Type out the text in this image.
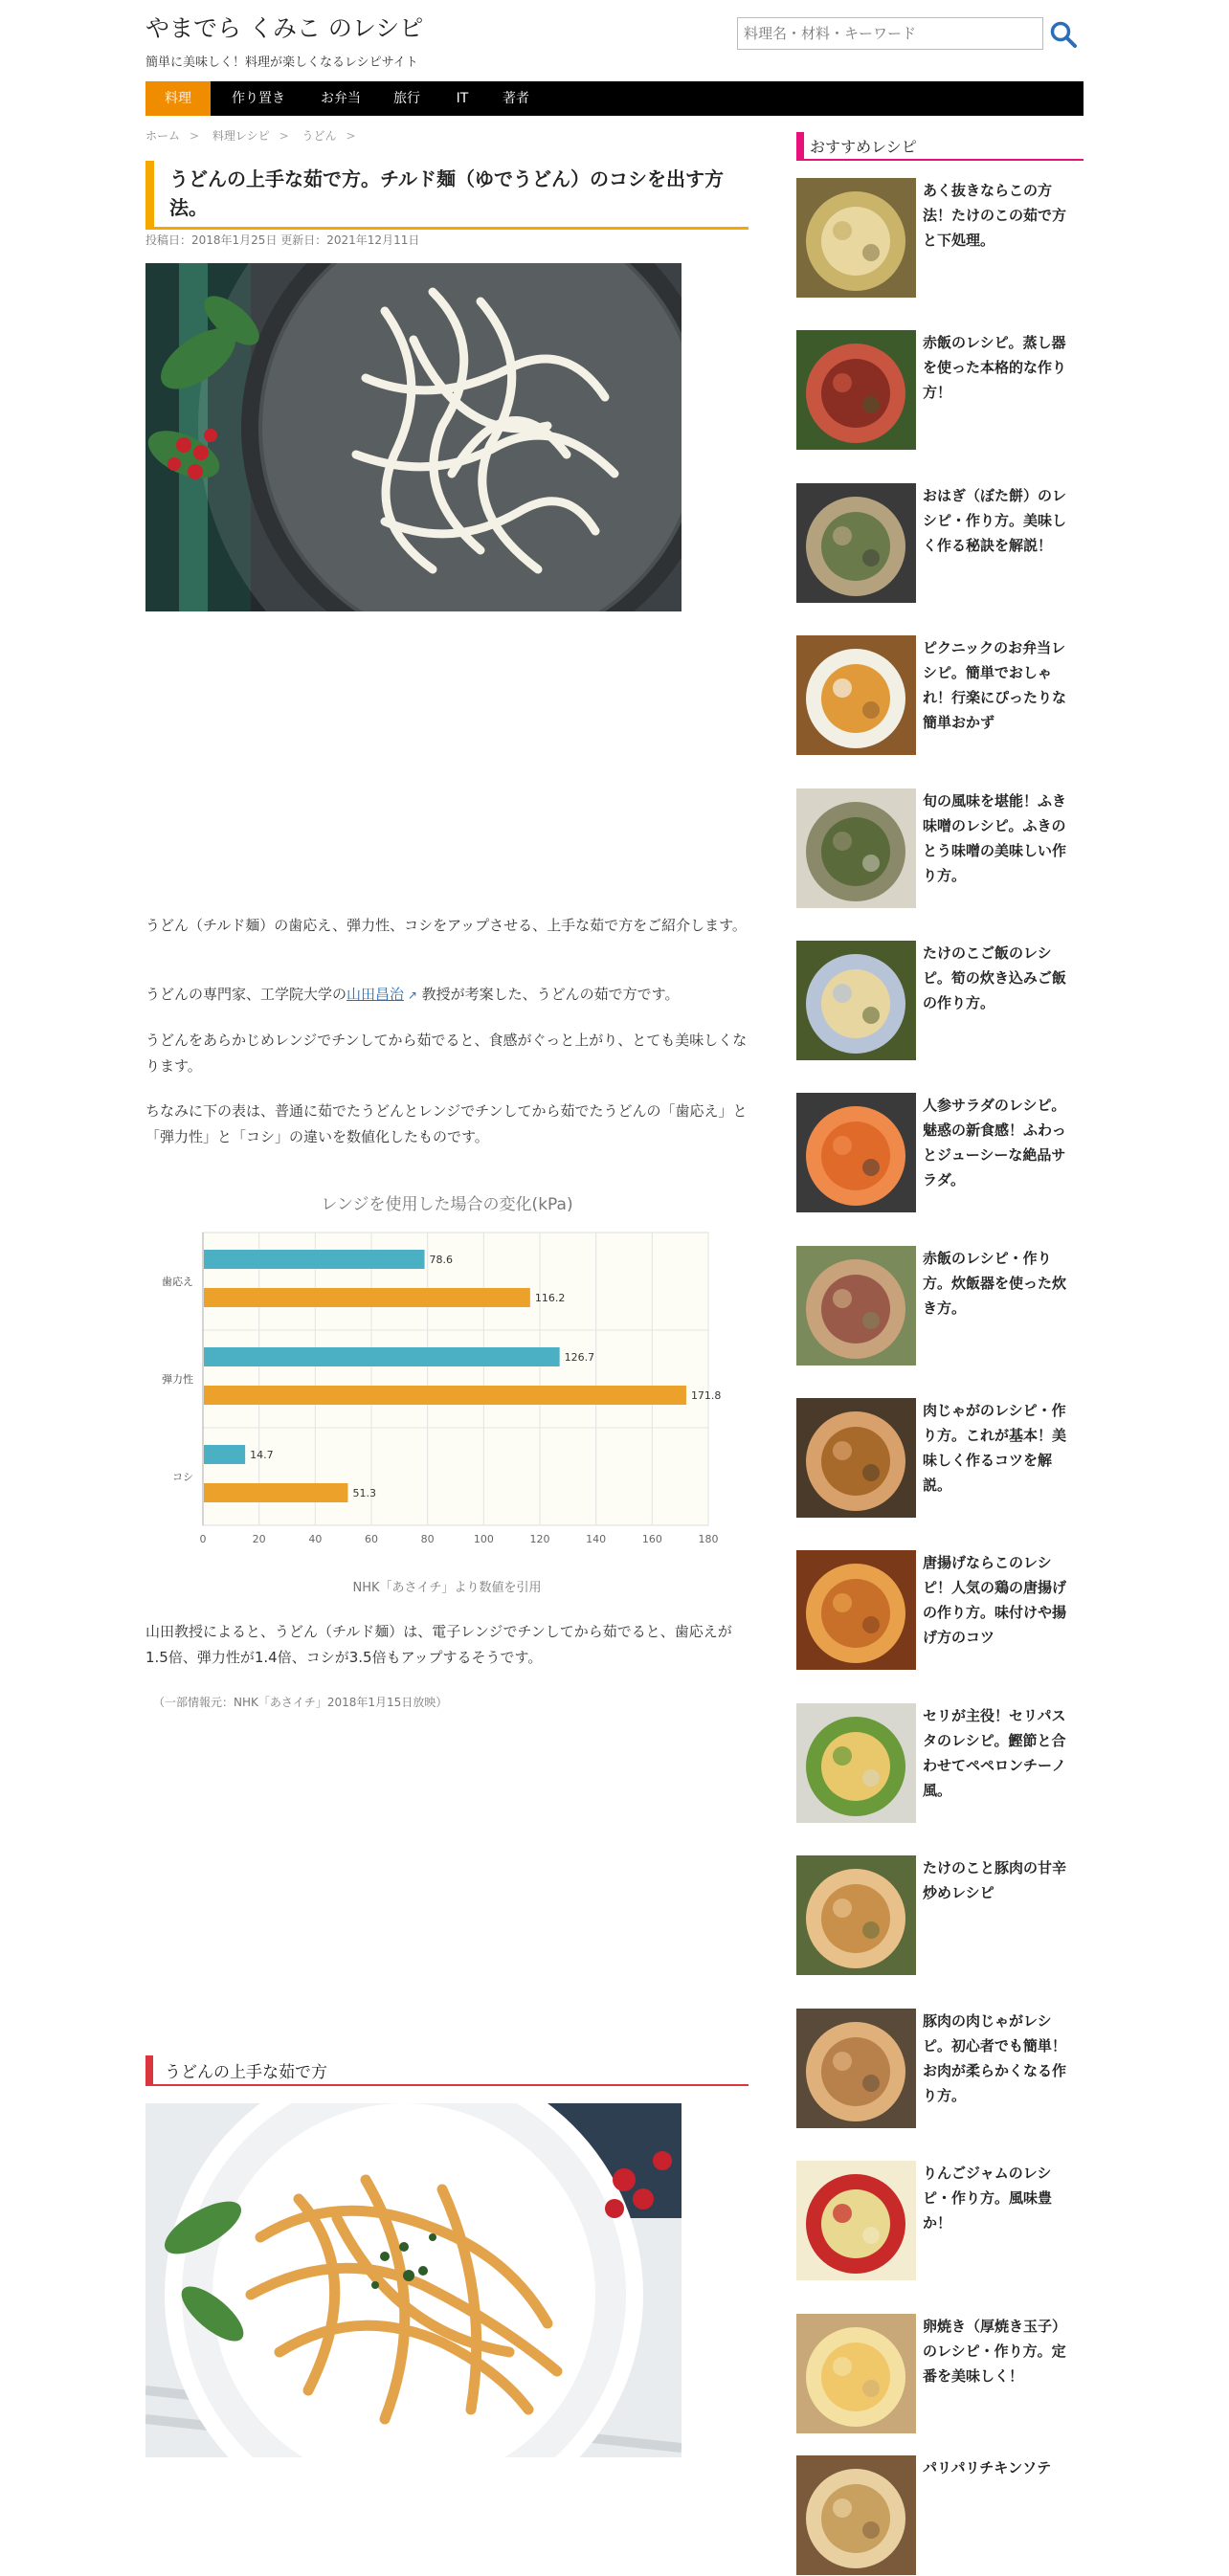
やまでら くみこ のレシピ
簡単に美味しく！料理が楽しくなるレシピサイト
料理名・材料・キーワード
料理	作り置き	お弁当	旅行	IT	著者
ホーム > 料理レシピ > うどん >
うどんの上手な茹で方。チルド麺（ゆでうどん）のコシを出す方法。
投稿日：2018年1月25日 更新日：2021年12月11日
うどん（チルド麺）の歯応え、弾力性、コシをアップさせる、上手な茹で方をご紹介します。
うどんの専門家、工学院大学の山田昌治 ↗ 教授が考案した、うどんの茹で方です。
うどんをあらかじめレンジでチンしてから茹でると、食感がぐっと上がり、とても美味しくなります。
ちなみに下の表は、普通に茹でたうどんとレンジでチンしてから茹でたうどんの「歯応え」と「弾力性」と「コシ」の違いを数値化したものです。
レンジを使用した場合の変化(kPa)
0	20	40	60	80	100	120	140	160	180
歯応え
78.6
116.2
弾力性
126.7
171.8
コシ
14.7
51.3
NHK「あさイチ」より数値を引用
山田教授によると、うどん（チルド麺）は、電子レンジでチンしてから茹でると、歯応えが1.5倍、弾力性が1.4倍、コシが3.5倍もアップするそうです。
（一部情報元：NHK「あさイチ」2018年1月15日放映）
うどんの上手な茹で方
おすすめレシピ
あく抜きならこの方法！たけのこの茹で方と下処理。
赤飯のレシピ。蒸し器を使った本格的な作り方！
おはぎ（ぼた餅）のレシピ・作り方。美味しく作る秘訣を解説！
ピクニックのお弁当レシピ。簡単でおしゃれ！行楽にぴったりな簡単おかず
旬の風味を堪能！ふき味噌のレシピ。ふきのとう味噌の美味しい作り方。
たけのこご飯のレシピ。筍の炊き込みご飯の作り方。
人参サラダのレシピ。魅惑の新食感！ふわっとジューシーな絶品サラダ。
赤飯のレシピ・作り方。炊飯器を使った炊き方。
肉じゃがのレシピ・作り方。これが基本！美味しく作るコツを解説。
唐揚げならこのレシピ！人気の鶏の唐揚げの作り方。味付けや揚げ方のコツ
セリが主役！セリパスタのレシピ。鰹節と合わせてペペロンチーノ風。
たけのこと豚肉の甘辛炒めレシピ
豚肉の肉じゃがレシピ。初心者でも簡単！お肉が柔らかくなる作り方。
りんごジャムのレシピ・作り方。風味豊か！
卵焼き（厚焼き玉子）のレシピ・作り方。定番を美味しく！
パリパリチキンソテ
